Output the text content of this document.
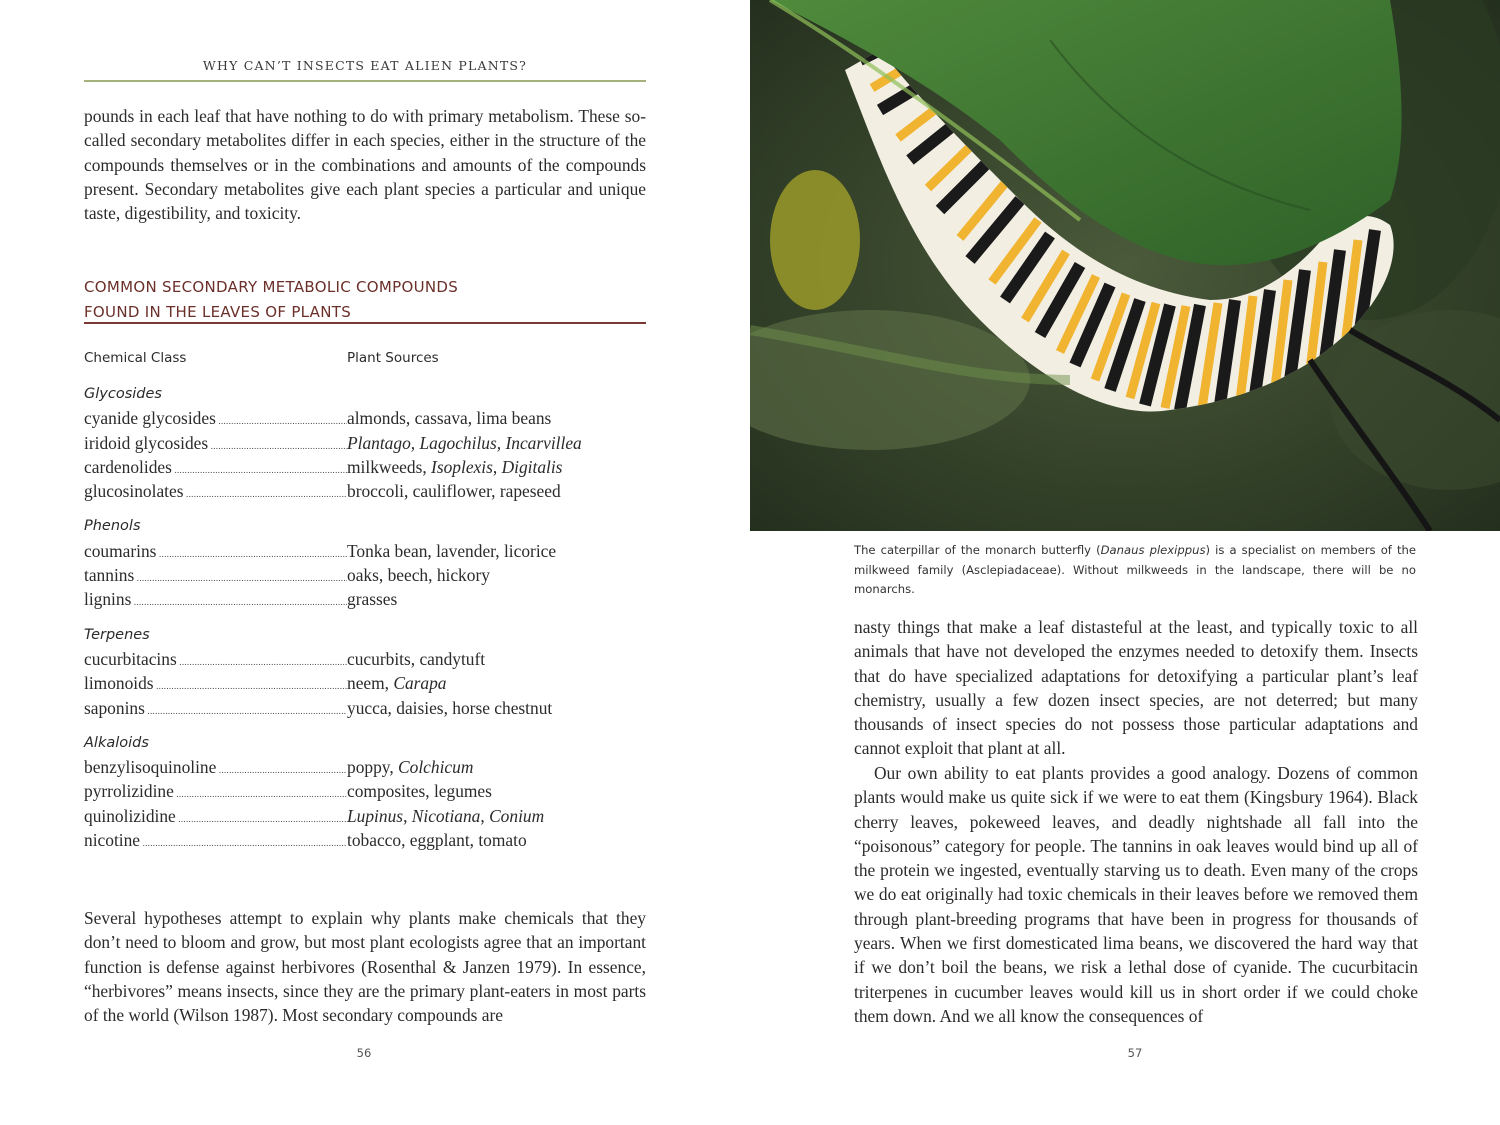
WHY CAN’T INSECTS EAT ALIEN PLANTS?

pounds in each leaf that have nothing to do with primary metabolism. These so-called secondary metabolites differ in each species, either in the structure of the compounds themselves or in the combinations and amounts of the compounds present. Secondary metabolites give each plant species a particular and unique taste, digestibility, and toxicity.

COMMON SECONDARY METABOLIC COMPOUNDS
FOUND IN THE LEAVES OF PLANTS
Chemical Class	Plant Sources
Glycosides
cyanide glycosides .....	almonds, cassava, lima beans
iridoid glycosides .....	Plantago, Lagochilus, Incarvillea
cardenolides .....	milkweeds, Isoplexis, Digitalis
glucosinolates .....	broccoli, cauliflower, rapeseed
Phenols
coumarins .....	Tonka bean, lavender, licorice
tannins .....	oaks, beech, hickory
lignins .....	grasses
Terpenes
cucurbitacins .....	cucurbits, candytuft
limonoids .....	neem, Carapa
saponins .....	yucca, daisies, horse chestnut
Alkaloids
benzylisoquinoline .....	poppy, Colchicum
pyrrolizidine .....	composites, legumes
quinolizidine .....	Lupinus, Nicotiana, Conium
nicotine .....	tobacco, eggplant, tomato

Several hypotheses attempt to explain why plants make chemicals that they don’t need to bloom and grow, but most plant ecologists agree that an important function is defense against herbivores (Rosenthal & Janzen 1979). In essence, “herbivores” means insects, since they are the primary plant-eaters in most parts of the world (Wilson 1987). Most secondary compounds are

56
The caterpillar of the monarch butterfly (Danaus plexippus) is a specialist on members of the milkweed family (Asclepiadaceae). Without milkweeds in the landscape, there will be no monarchs.

nasty things that make a leaf distasteful at the least, and typically toxic to all animals that have not developed the enzymes needed to detoxify them. Insects that do have specialized adaptations for detoxifying a particular plant’s leaf chemistry, usually a few dozen insect species, are not deterred; but many thousands of insect species do not possess those particular adaptations and cannot exploit that plant at all.

Our own ability to eat plants provides a good analogy. Dozens of common plants would make us quite sick if we were to eat them (Kingsbury 1964). Black cherry leaves, pokeweed leaves, and deadly nightshade all fall into the “poisonous” category for people. The tannins in oak leaves would bind up all of the protein we ingested, eventually starving us to death. Even many of the crops we do eat originally had toxic chemicals in their leaves before we removed them through plant-breeding programs that have been in progress for thousands of years. When we first domesticated lima beans, we discovered the hard way that if we don’t boil the beans, we risk a lethal dose of cyanide. The cucurbitacin triterpenes in cucumber leaves would kill us in short order if we could choke them down. And we all know the consequences of

57
